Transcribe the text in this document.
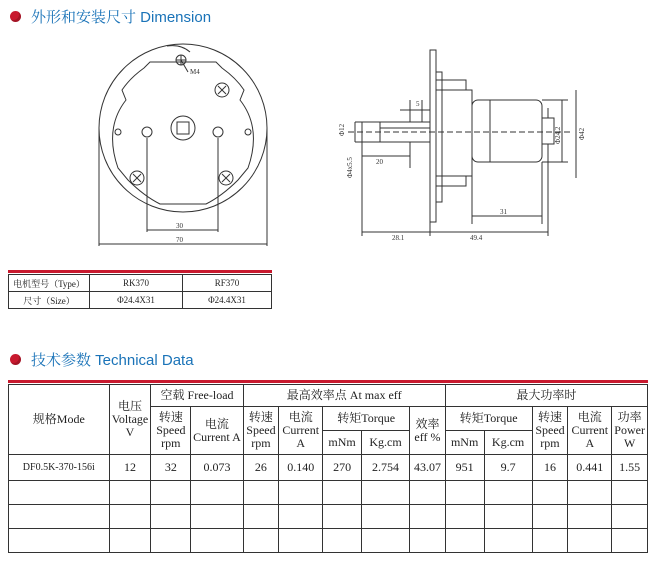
外形和安装尺寸 Dimension
M4
30
70
5
Φ12
Φ4x5.5	20
Φ24.2 Φ42
31
28.1	49.4
电机型号（Type）	RK370	RF370
尺寸（Size）	Φ24.4X31	Φ24.4X31
技术参数 Technical Data
规格Mode	电压 Voltage V	空载 Free-load		最高效率点 At max eff					最大功率时				
		转速 Speed rpm	电流 Current A	转速 Speed rpm	电流 Current A	转矩Torque		效率 eff %	转矩Torque		转速 Speed rpm	电流 Current A	功率 Power W
						mNm	Kg.cm		mNm	Kg.cm			
DF0.5K-370-156i	12	32	0.073	26	0.140	270	2.754	43.07	951	9.7	16	0.441	1.55
